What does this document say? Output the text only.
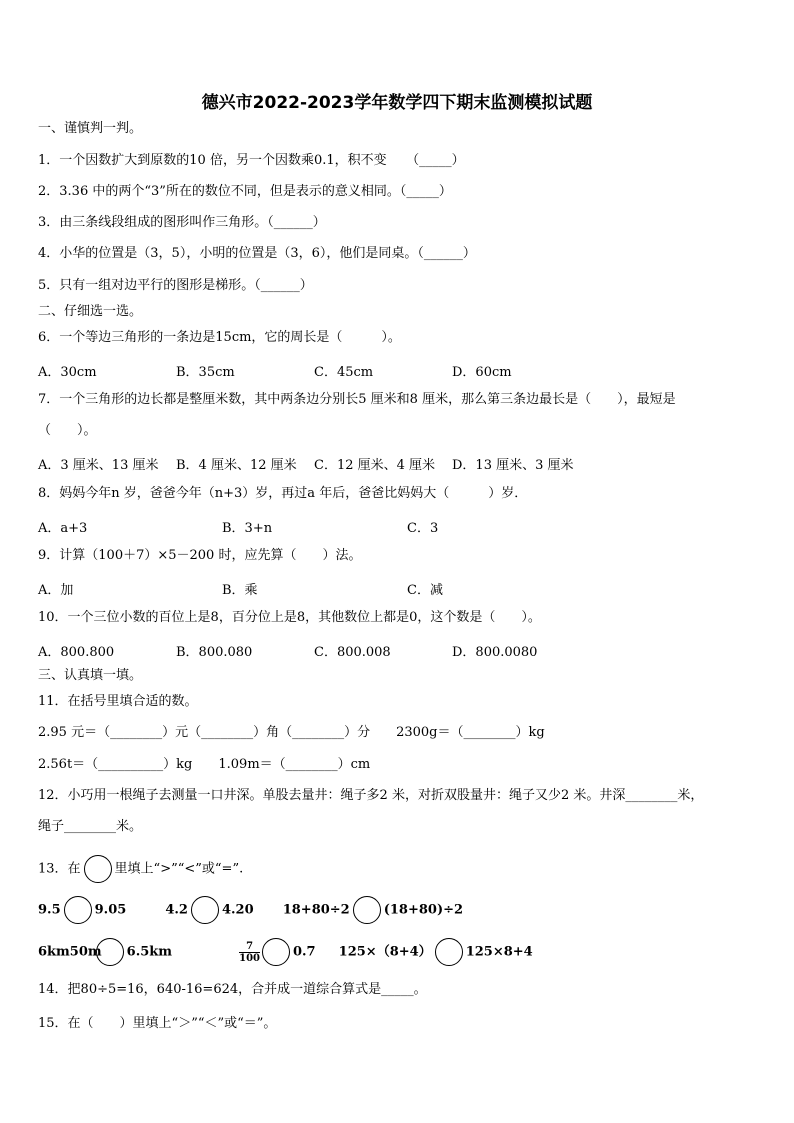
德兴市2022-2023学年数学四下期末监测模拟试题
一、谨慎判一判。
1．一个因数扩大到原数的10 倍，另一个因数乘0.1，积不变　　（_____）
2．3.36 中的两个“3”所在的数位不同，但是表示的意义相同。（_____）
3．由三条线段组成的图形叫作三角形。（______）
4．小华的位置是（3，5），小明的位置是（3，6），他们是同桌。（______）
5．只有一组对边平行的图形是梯形。（______）
二、仔细选一选。
6．一个等边三角形的一条边是15cm，它的周长是（　　　）。
A．30cm	B．35cm	C．45cm	D．60cm
7．一个三角形的边长都是整厘米数，其中两条边分别长5 厘米和8 厘米，那么第三条边最长是（　　），最短是
（　　）。
A．3 厘米、13 厘米 B．4 厘米、12 厘米 C．12 厘米、4 厘米 D．13 厘米、3 厘米
8．妈妈今年n 岁，爸爸今年（n+3）岁，再过a 年后，爸爸比妈妈大（　　　）岁．
A．a+3	B．3+n	C．3
9．计算（100＋7）×5－200 时，应先算（　　）法。
A．加	B．乘	C．减
10．一个三位小数的百位上是8，百分位上是8，其他数位上都是0，这个数是（　　）。
A．800.800	B．800.080	C．800.008	D．800.0080
三、认真填一填。
11．在括号里填合适的数。
2.95 元＝（________）元（________）角（________）分　　2300g＝（________）kg
2.56t＝（__________）kg　　1.09m＝（________）cm
12．小巧用一根绳子去测量一口井深。单股去量井：绳子多2 米，对折双股量井：绳子又少2 米。井深________米，
绳子________米。
13．在	里填上“>”“<”或“=”.
9.5	9.05	4.2	4.20 18+80÷2	(18+80)÷2
6km50m 6.5km	$\frac{7}{100}$	0.7 125×（8+4）	125×8+4
14．把80÷5=16，640-16=624，合并成一道综合算式是_____。
15．在（　　）里填上“＞”“＜”或“＝”。
